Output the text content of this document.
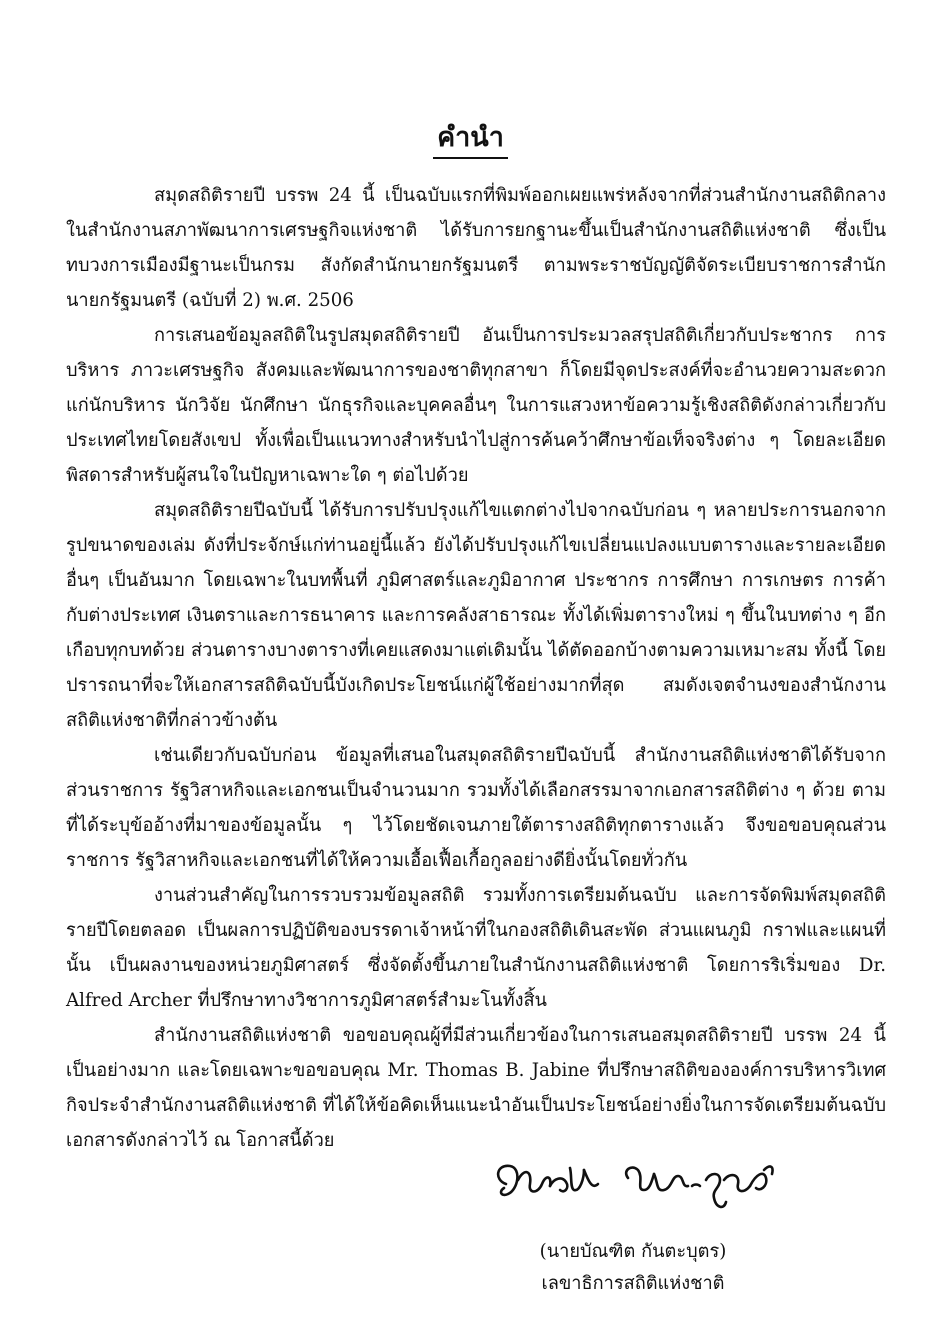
คำนำ

สมุดสถิติรายปี บรรพ 24 นี้ เป็นฉบับแรกที่พิมพ์ออกเผยแพร่หลังจากที่ส่วนสำนักงานสถิติกลางในสำนักงานสภาพัฒนาการเศรษฐกิจแห่งชาติ ได้รับการยกฐานะขึ้นเป็นสำนักงานสถิติแห่งชาติ ซึ่งเป็นทบวงการเมืองมีฐานะเป็นกรม สังกัดสำนักนายกรัฐมนตรี ตามพระราชบัญญัติจัดระเบียบราชการสำนักนายกรัฐมนตรี (ฉบับที่ 2) พ.ศ. 2506

การเสนอข้อมูลสถิติในรูปสมุดสถิติรายปี อันเป็นการประมวลสรุปสถิติเกี่ยวกับประชากร การบริหาร ภาวะเศรษฐกิจ สังคมและพัฒนาการของชาติทุกสาขา ก็โดยมีจุดประสงค์ที่จะอำนวยความสะดวกแก่นักบริหาร นักวิจัย นักศึกษา นักธุรกิจและบุคคลอื่นๆ ในการแสวงหาข้อความรู้เชิงสถิติดังกล่าวเกี่ยวกับประเทศไทยโดยสังเขป ทั้งเพื่อเป็นแนวทางสำหรับนำไปสู่การค้นคว้าศึกษาข้อเท็จจริงต่าง ๆ โดยละเอียดพิสดารสำหรับผู้สนใจในปัญหาเฉพาะใด ๆ ต่อไปด้วย

สมุดสถิติรายปีฉบับนี้ ได้รับการปรับปรุงแก้ไขแตกต่างไปจากฉบับก่อน ๆ หลายประการนอกจากรูปขนาดของเล่ม ดังที่ประจักษ์แก่ท่านอยู่นี้แล้ว ยังได้ปรับปรุงแก้ไขเปลี่ยนแปลงแบบตารางและรายละเอียดอื่นๆ เป็นอันมาก โดยเฉพาะในบทพื้นที่ ภูมิศาสตร์และภูมิอากาศ ประชากร การศึกษา การเกษตร การค้ากับต่างประเทศ เงินตราและการธนาคาร และการคลังสาธารณะ ทั้งได้เพิ่มตารางใหม่ ๆ ขึ้นในบทต่าง ๆ อีกเกือบทุกบทด้วย ส่วนตารางบางตารางที่เคยแสดงมาแต่เดิมนั้น ได้ตัดออกบ้างตามความเหมาะสม ทั้งนี้ โดยปรารถนาที่จะให้เอกสารสถิติฉบับนี้บังเกิดประโยชน์แก่ผู้ใช้อย่างมากที่สุด สมดังเจตจำนงของสำนักงานสถิติแห่งชาติที่กล่าวข้างต้น

เช่นเดียวกับฉบับก่อน ข้อมูลที่เสนอในสมุดสถิติรายปีฉบับนี้ สำนักงานสถิติแห่งชาติได้รับจากส่วนราชการ รัฐวิสาหกิจและเอกชนเป็นจำนวนมาก รวมทั้งได้เลือกสรรมาจากเอกสารสถิติต่าง ๆ ด้วย ตามที่ได้ระบุข้ออ้างที่มาของข้อมูลนั้น ๆ ไว้โดยชัดเจนภายใต้ตารางสถิติทุกตารางแล้ว จึงขอขอบคุณส่วนราชการ รัฐวิสาหกิจและเอกชนที่ได้ให้ความเอื้อเฟื้อเกื้อกูลอย่างดียิ่งนั้นโดยทั่วกัน

งานส่วนสำคัญในการรวบรวมข้อมูลสถิติ รวมทั้งการเตรียมต้นฉบับ และการจัดพิมพ์สมุดสถิติรายปีโดยตลอด เป็นผลการปฏิบัติของบรรดาเจ้าหน้าที่ในกองสถิติเดินสะพัด ส่วนแผนภูมิ กราฟและแผนที่นั้น เป็นผลงานของหน่วยภูมิศาสตร์ ซึ่งจัดตั้งขึ้นภายในสำนักงานสถิติแห่งชาติ โดยการริเริ่มของ Dr. Alfred Archer ที่ปรึกษาทางวิชาการภูมิศาสตร์สำมะโนทั้งสิ้น

สำนักงานสถิติแห่งชาติ ขอขอบคุณผู้ที่มีส่วนเกี่ยวข้องในการเสนอสมุดสถิติรายปี บรรพ 24 นี้เป็นอย่างมาก และโดยเฉพาะขอขอบคุณ Mr. Thomas B. Jabine ที่ปรึกษาสถิติขององค์การบริหารวิเทศกิจประจำสำนักงานสถิติแห่งชาติ ที่ได้ให้ข้อคิดเห็นแนะนำอันเป็นประโยชน์อย่างยิ่งในการจัดเตรียมต้นฉบับเอกสารดังกล่าวไว้ ณ โอกาสนี้ด้วย

(นายบัณฑิต กันตะบุตร)
เลขาธิการสถิติแห่งชาติ
